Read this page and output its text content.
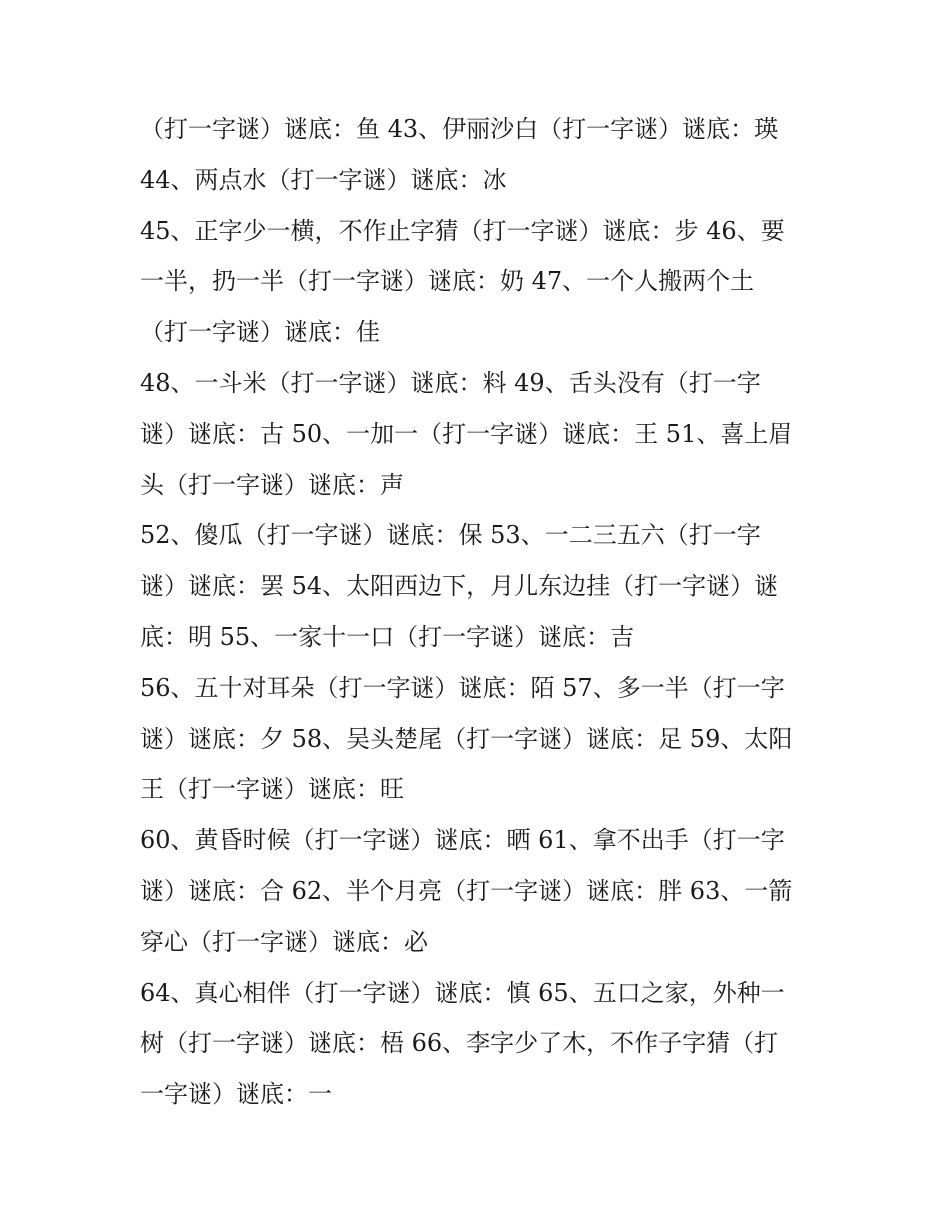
（打一字谜）谜底：鱼 43、伊丽沙白（打一字谜）谜底：瑛
44、两点水（打一字谜）谜底：冰
45、正字少一横，不作止字猜（打一字谜）谜底：步 46、要
一半，扔一半（打一字谜）谜底：奶 47、一个人搬两个土
（打一字谜）谜底：佳
48、一斗米（打一字谜）谜底：料 49、舌头没有（打一字
谜）谜底：古 50、一加一（打一字谜）谜底：王 51、喜上眉
头（打一字谜）谜底：声
52、傻瓜（打一字谜）谜底：保 53、一二三五六（打一字
谜）谜底：罢 54、太阳西边下，月儿东边挂（打一字谜）谜
底：明 55、一家十一口（打一字谜）谜底：吉
56、五十对耳朵（打一字谜）谜底：陌 57、多一半（打一字
谜）谜底：夕 58、吴头楚尾（打一字谜）谜底：足 59、太阳
王（打一字谜）谜底：旺
60、黄昏时候（打一字谜）谜底：晒 61、拿不出手（打一字
谜）谜底：合 62、半个月亮（打一字谜）谜底：胖 63、一箭
穿心（打一字谜）谜底：必
64、真心相伴（打一字谜）谜底：慎 65、五口之家，外种一
树（打一字谜）谜底：梧 66、李字少了木，不作子字猜（打
一字谜）谜底：一
